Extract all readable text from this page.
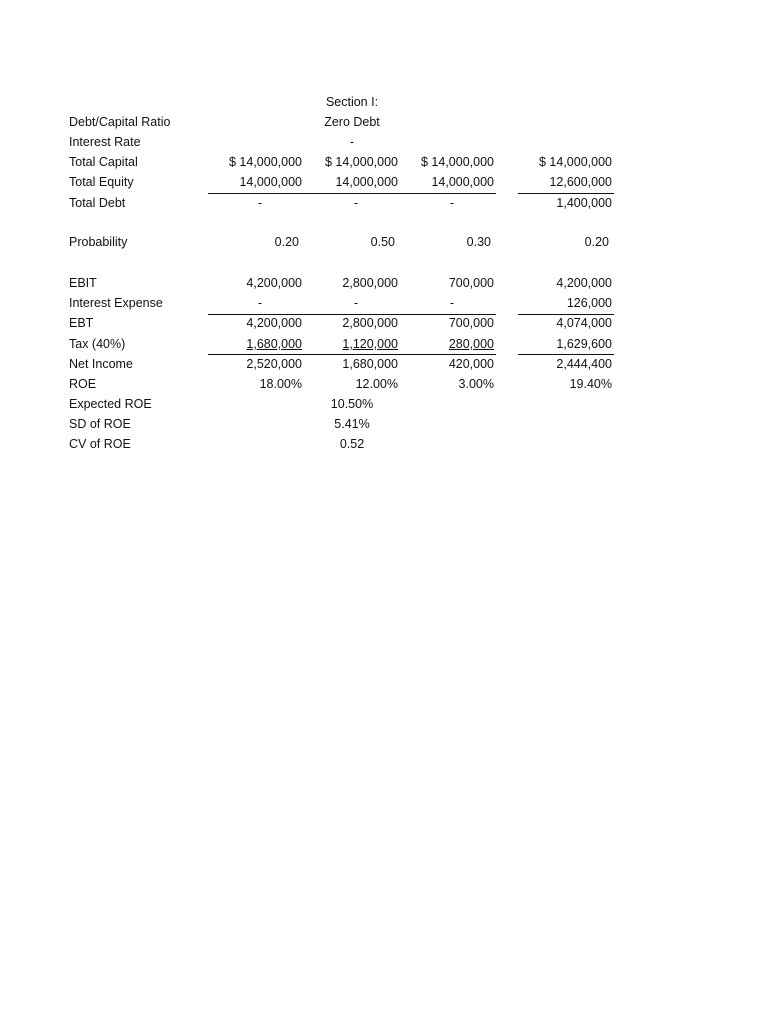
Section I:
Debt/Capital Ratio	Zero Debt
Interest Rate	-
Total Capital	$ 14,000,000	$ 14,000,000	$ 14,000,000	$ 14,000,000
Total Equity	14,000,000	14,000,000	14,000,000	12,600,000
Total Debt	-	-	-	1,400,000
Probability	0.20	0.50	0.30	0.20
EBIT	4,200,000	2,800,000	700,000	4,200,000
Interest Expense	-	-	-	126,000
EBT	4,200,000	2,800,000	700,000	4,074,000
Tax (40%)	1,680,000	1,120,000	280,000	1,629,600
Net Income	2,520,000	1,680,000	420,000	2,444,400
ROE	18.00%	12.00%	3.00%	19.40%
Expected ROE	10.50%
SD of ROE	5.41%
CV of ROE	0.52
